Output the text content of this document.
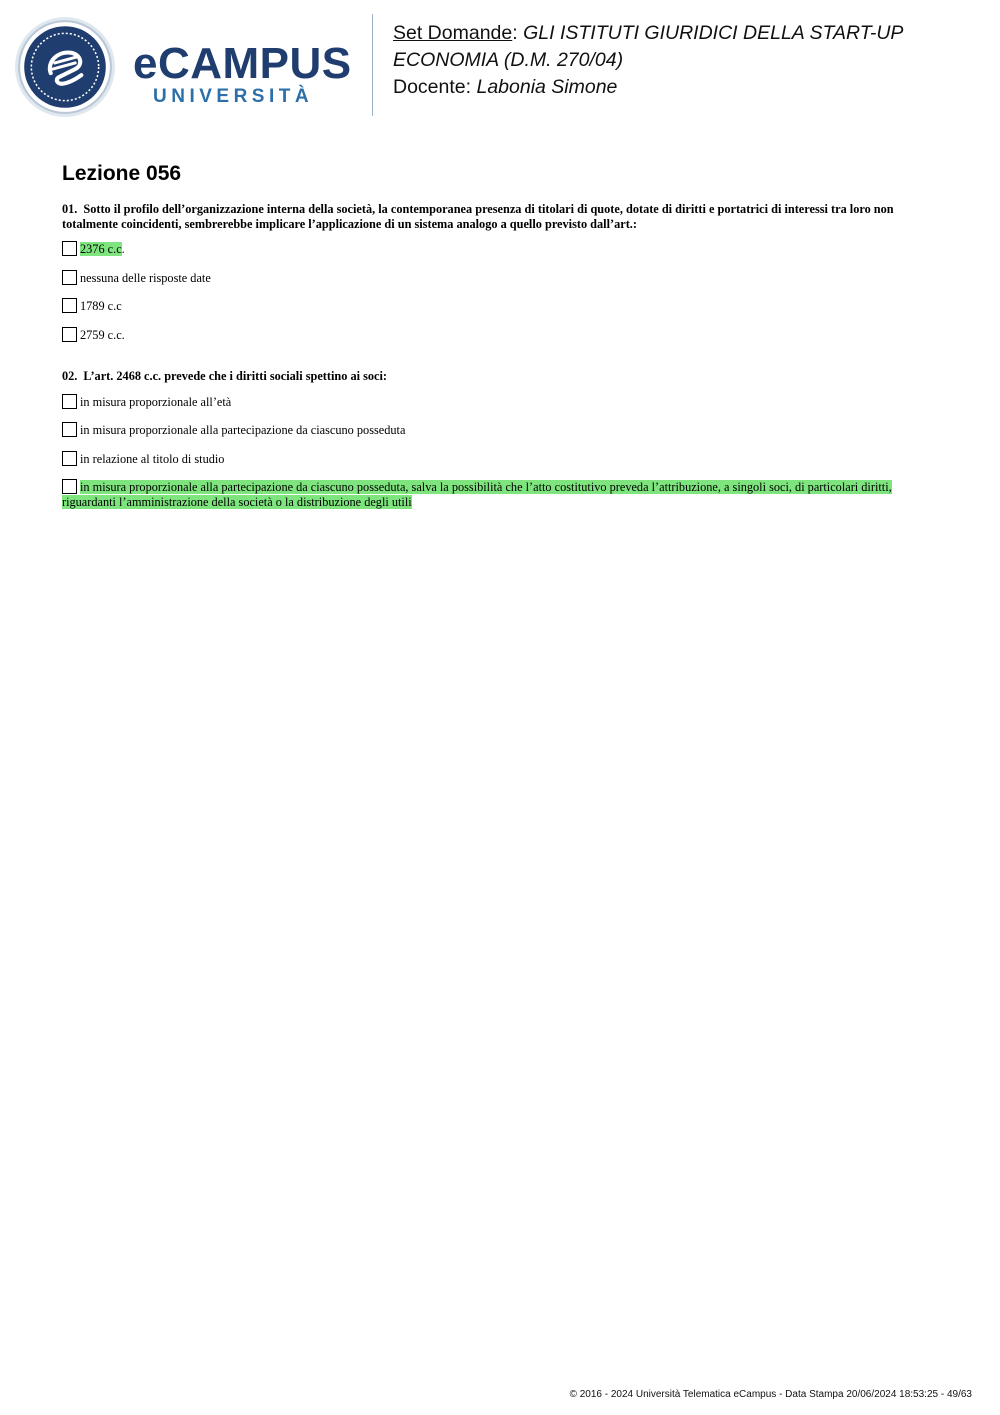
eCAMPUS
UNIVERSITÀ
Set Domande: GLI ISTITUTI GIURIDICI DELLA START-UP
ECONOMIA (D.M. 270/04)
Docente: Labonia Simone
Lezione 056

01. Sotto il profilo dell’organizzazione interna della società, la contemporanea presenza di titolari di quote, dotate di diritti e portatrici di interessi tra loro non totalmente coincidenti, sembrerebbe implicare l’applicazione di un sistema analogo a quello previsto dall’art.:

2376 c.c.
nessuna delle risposte date
1789 c.c
2759 c.c.

02. L’art. 2468 c.c. prevede che i diritti sociali spettino ai soci:

in misura proporzionale all’età
in misura proporzionale alla partecipazione da ciascuno posseduta
in relazione al titolo di studio
in misura proporzionale alla partecipazione da ciascuno posseduta, salva la possibilità che l’atto costitutivo preveda l’attribuzione, a singoli soci, di particolari diritti, riguardanti l’amministrazione della società o la distribuzione degli utili
© 2016 - 2024 Università Telematica eCampus - Data Stampa 20/06/2024 18:53:25 - 49/63
